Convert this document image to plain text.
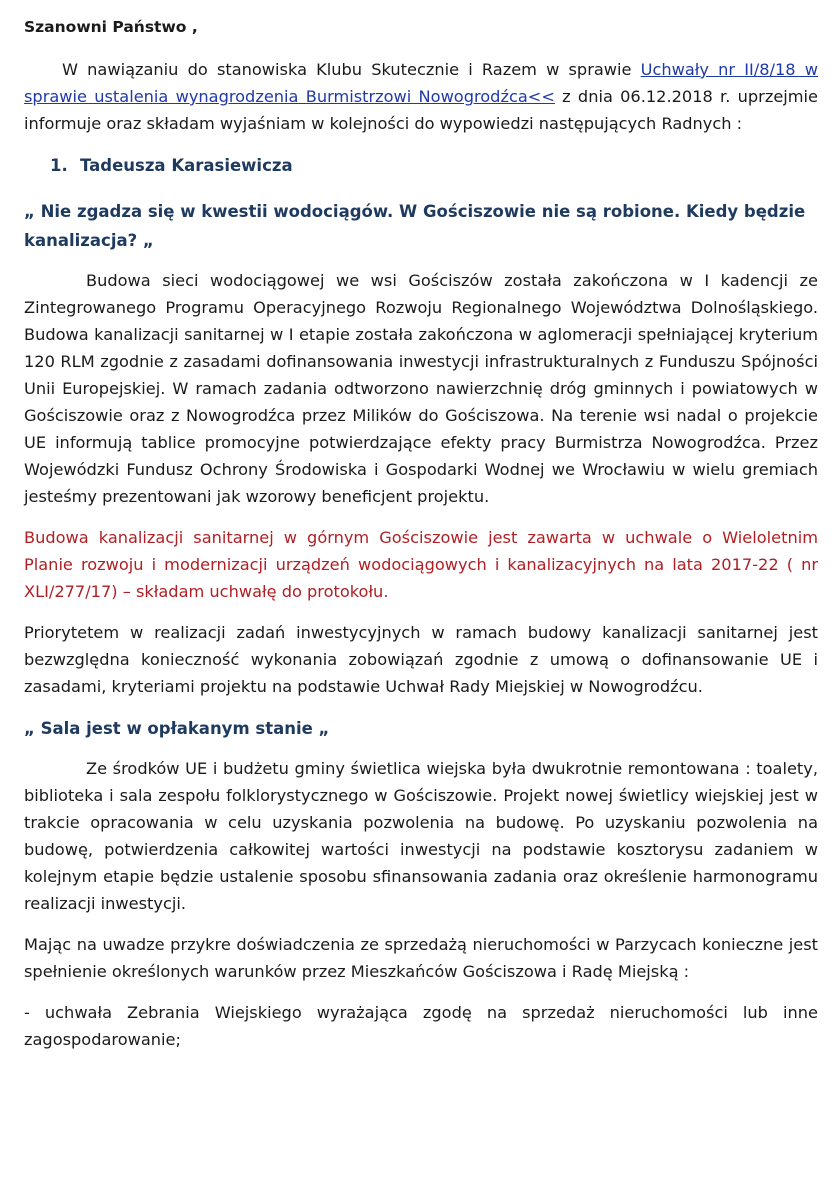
Szanowni Państwo ,

W nawiązaniu do stanowiska Klubu Skutecznie i Razem w sprawie Uchwały nr II/8/18 w sprawie ustalenia wynagrodzenia Burmistrzowi Nowogrodźca<< z dnia 06.12.2018 r. uprzejmie informuje oraz składam wyjaśniam w kolejności do wypowiedzi następujących Radnych :

1. Tadeusza Karasiewicza

„ Nie zgadza się w kwestii wodociągów. W Gościszowie nie są robione. Kiedy będzie kanalizacja? „

Budowa sieci wodociągowej we wsi Gościszów została zakończona w I kadencji ze Zintegrowanego Programu Operacyjnego Rozwoju Regionalnego Województwa Dolnośląskiego. Budowa kanalizacji sanitarnej w I etapie została zakończona w aglomeracji spełniającej kryterium 120 RLM zgodnie z zasadami dofinansowania inwestycji infrastrukturalnych z Funduszu Spójności Unii Europejskiej. W ramach zadania odtworzono nawierzchnię dróg gminnych i powiatowych w Gościszowie oraz z Nowogrodźca przez Milików do Gościszowa. Na terenie wsi nadal o projekcie UE informują tablice promocyjne potwierdzające efekty pracy Burmistrza Nowogrodźca. Przez Wojewódzki Fundusz Ochrony Środowiska i Gospodarki Wodnej we Wrocławiu w wielu gremiach jesteśmy prezentowani jak wzorowy beneficjent projektu.

Budowa kanalizacji sanitarnej w górnym Gościszowie jest zawarta w uchwale o Wieloletnim Planie rozwoju i modernizacji urządzeń wodociągowych i kanalizacyjnych na lata 2017-22 ( nr XLI/277/17) – składam uchwałę do protokołu.

Priorytetem w realizacji zadań inwestycyjnych w ramach budowy kanalizacji sanitarnej jest bezwzględna konieczność wykonania zobowiązań zgodnie z umową o dofinansowanie UE i zasadami, kryteriami projektu na podstawie Uchwał Rady Miejskiej w Nowogrodźcu.

„ Sala jest w opłakanym stanie „

Ze środków UE i budżetu gminy świetlica wiejska była dwukrotnie remontowana : toalety, biblioteka i sala zespołu folklorystycznego w Gościszowie. Projekt nowej świetlicy wiejskiej jest w trakcie opracowania w celu uzyskania pozwolenia na budowę. Po uzyskaniu pozwolenia na budowę, potwierdzenia całkowitej wartości inwestycji na podstawie kosztorysu zadaniem w kolejnym etapie będzie ustalenie sposobu sfinansowania zadania oraz określenie harmonogramu realizacji inwestycji.

Mając na uwadze przykre doświadczenia ze sprzedażą nieruchomości w Parzycach konieczne jest spełnienie określonych warunków przez Mieszkańców Gościszowa i Radę Miejską :

- uchwała Zebrania Wiejskiego wyrażająca zgodę na sprzedaż nieruchomości lub inne zagospodarowanie;
